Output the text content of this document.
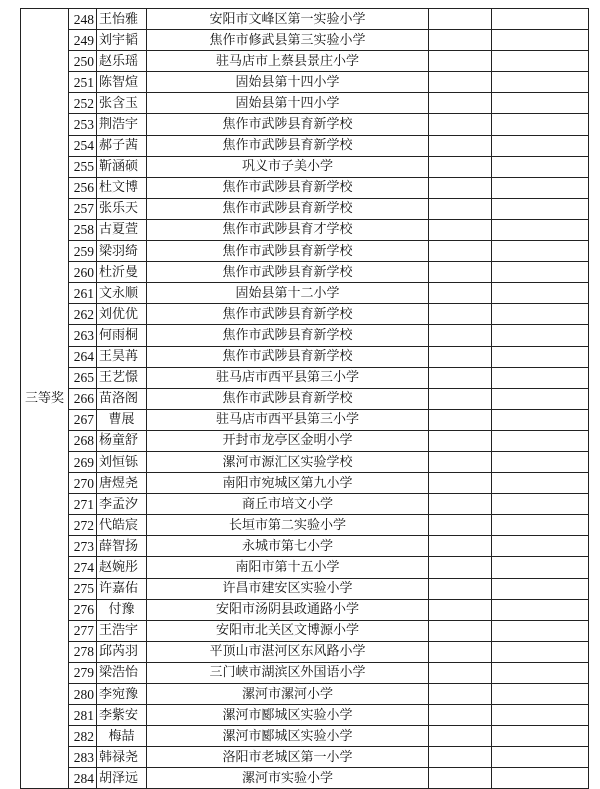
三等奖	248	王怡雅	安阳市文峰区第一实验小学		
	249	刘宇韬	焦作市修武县第三实验小学		
	250	赵乐瑶	驻马店市上蔡县景庄小学		
	251	陈智煊	固始县第十四小学		
	252	张含玉	固始县第十四小学		
	253	荆浩宇	焦作市武陟县育新学校		
	254	郝子茜	焦作市武陟县育新学校		
	255	靳涵硕	巩义市子美小学		
	256	杜文博	焦作市武陟县育新学校		
	257	张乐天	焦作市武陟县育新学校		
	258	古夏萱	焦作市武陟县育才学校		
	259	梁羽绮	焦作市武陟县育新学校		
	260	杜沂曼	焦作市武陟县育新学校		
	261	文永顺	固始县第十二小学		
	262	刘优优	焦作市武陟县育新学校		
	263	何雨桐	焦作市武陟县育新学校		
	264	王昊苒	焦作市武陟县育新学校		
	265	王艺憬	驻马店市西平县第三小学		
	266	苗洛阁	焦作市武陟县育新学校		
	267	曹展	驻马店市西平县第三小学		
	268	杨童舒	开封市龙亭区金明小学		
	269	刘恒铄	漯河市源汇区实验学校		
	270	唐煜尧	南阳市宛城区第九小学		
	271	李孟汐	商丘市培文小学		
	272	代皓宸	长垣市第二实验小学		
	273	薛智扬	永城市第七小学		
	274	赵婉彤	南阳市第十五小学		
	275	许嘉佑	许昌市建安区实验小学		
	276	付豫	安阳市汤阴县政通路小学		
	277	王浩宇	安阳市北关区文博源小学		
	278	邱芮羽	平顶山市湛河区东风路小学		
	279	梁浩怡	三门峡市湖滨区外国语小学		
	280	李宛豫	漯河市漯河小学		
	281	李紫安	漯河市郾城区实验小学		
	282	梅喆	漯河市郾城区实验小学		
	283	韩禄尧	洛阳市老城区第一小学		
	284	胡泽远	漯河市实验小学		
